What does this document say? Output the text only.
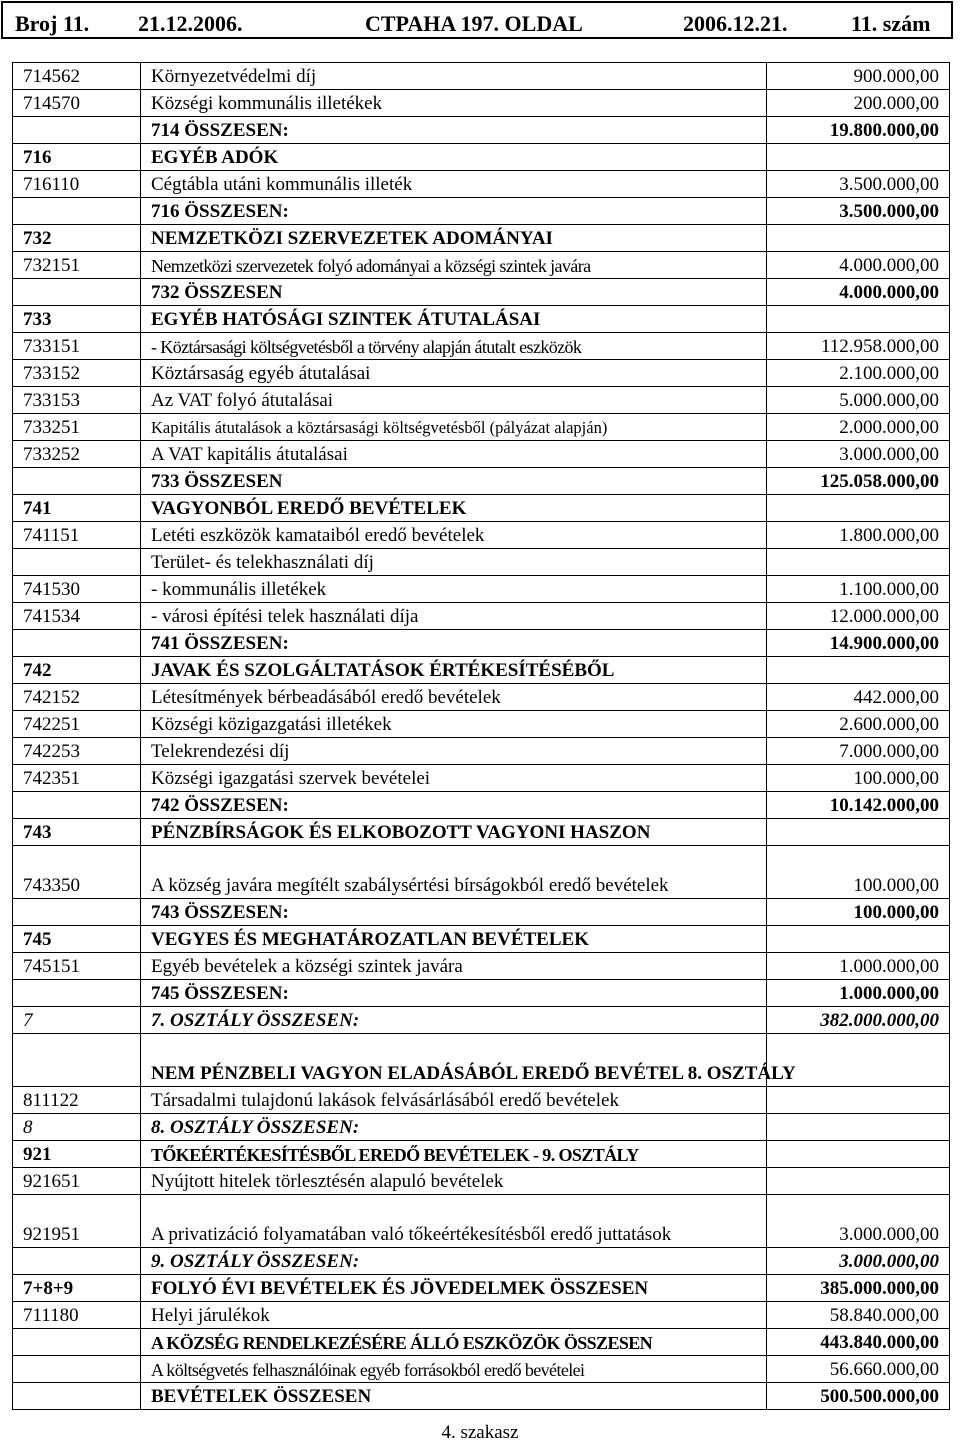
Broj 11. 21.12.2006.	CTPAHA 197. OLDAL	2006.12.21.	11. szám
714562	Környezetvédelmi díj	900.000,00
714570	Községi kommunális illetékek	200.000,00
	714 ÖSSZESEN:	19.800.000,00
716	EGYÉB ADÓK	
716110	Cégtábla utáni kommunális illeték	3.500.000,00
	716 ÖSSZESEN:	3.500.000,00
732	NEMZETKÖZI SZERVEZETEK ADOMÁNYAI	
732151	Nemzetközi szervezetek folyó adományai a községi szintek javára	4.000.000,00
	732 ÖSSZESEN	4.000.000,00
733	EGYÉB HATÓSÁGI SZINTEK ÁTUTALÁSAI	
733151	- Köztársasági költségvetésből a törvény alapján átutalt eszközök	112.958.000,00
733152	Köztársaság egyéb átutalásai	2.100.000,00
733153	Az VAT folyó átutalásai	5.000.000,00
733251	Kapitális átutalások a köztársasági költségvetésből (pályázat alapján)	2.000.000,00
733252	A VAT kapitális átutalásai	3.000.000,00
	733 ÖSSZESEN	125.058.000,00
741	VAGYONBÓL EREDŐ BEVÉTELEK	
741151	Letéti eszközök kamataiból eredő bevételek	1.800.000,00
	Terület- és telekhasználati díj	
741530	- kommunális illetékek	1.100.000,00
741534	- városi építési telek használati díja	12.000.000,00
	741 ÖSSZESEN:	14.900.000,00
742	JAVAK ÉS SZOLGÁLTATÁSOK ÉRTÉKESÍTÉSÉBŐL	
742152	Létesítmények bérbeadásából eredő bevételek	442.000,00
742251	Községi közigazgatási illetékek	2.600.000,00
742253	Telekrendezési díj	7.000.000,00
742351	Községi igazgatási szervek bevételei	100.000,00
	742 ÖSSZESEN:	10.142.000,00
743	PÉNZBÍRSÁGOK ÉS ELKOBOZOTT VAGYONI HASZON	
743350	A község javára megítélt szabálysértési bírságokból eredő bevételek	100.000,00
	743 ÖSSZESEN:	100.000,00
745	VEGYES ÉS MEGHATÁROZATLAN BEVÉTELEK	
745151	Egyéb bevételek a községi szintek javára	1.000.000,00
	745 ÖSSZESEN:	1.000.000,00
7	7. OSZTÁLY ÖSSZESEN:	382.000.000,00
	NEM PÉNZBELI VAGYON ELADÁSÁBÓL EREDŐ BEVÉTEL 8. OSZTÁLY	
811122	Társadalmi tulajdonú lakások felvásárlásából eredő bevételek	
8	8. OSZTÁLY ÖSSZESEN:	
921	TŐKEÉRTÉKESÍTÉSBŐL EREDŐ BEVÉTELEK - 9. OSZTÁLY	
921651	Nyújtott hitelek törlesztésén alapuló bevételek	
921951	A privatizáció folyamatában való tőkeértékesítésből eredő juttatások	3.000.000,00
	9. OSZTÁLY ÖSSZESEN:	3.000.000,00
7+8+9	FOLYÓ ÉVI BEVÉTELEK ÉS JÖVEDELMEK ÖSSZESEN	385.000.000,00
711180	Helyi járulékok	58.840.000,00
	A KÖZSÉG RENDELKEZÉSÉRE ÁLLÓ ESZKÖZÖK ÖSSZESEN	443.840.000,00
	A költségvetés felhasználóinak egyéb forrásokból eredő bevételei	56.660.000,00
	BEVÉTELEK ÖSSZESEN	500.500.000,00
4. szakasz
